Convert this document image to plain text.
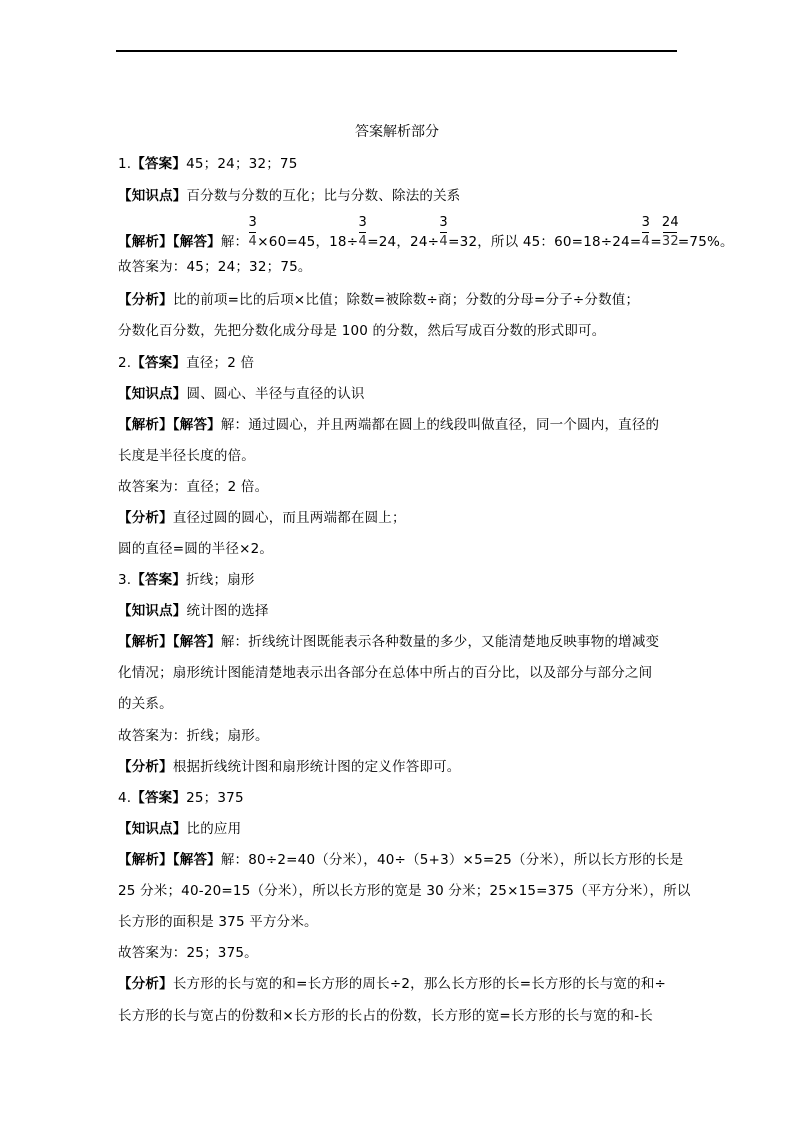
答案解析部分
1.【答案】45；24；32；75
【知识点】百分数与分数的互化；比与分数、除法的关系
【解析】【解答】解： $\frac{3}{4} \times 60=45$，$18\div \frac{3}{4} =24$，$24\div \frac{3}{4} =32$，所以 45：$60=18\div 24= \frac{3}{4} = \frac{24}{32} =75\%$。
故答案为：45；24；32；75。
【分析】比的前项=比的后项×比值；除数=被除数÷商；分数的分母=分子÷分数值；
分数化百分数，先把分数化成分母是 100 的分数，然后写成百分数的形式即可。
2.【答案】直径；2 倍
【知识点】圆、圆心、半径与直径的认识
【解析】【解答】解：通过圆心，并且两端都在圆上的线段叫做直径，同一个圆内，直径的
长度是半径长度的倍。
故答案为：直径；2 倍。
【分析】直径过圆的圆心，而且两端都在圆上；
圆的直径=圆的半径×2。
3.【答案】折线；扇形
【知识点】统计图的选择
【解析】【解答】解：折线统计图既能表示各种数量的多少，又能清楚地反映事物的增减变
化情况；扇形统计图能清楚地表示出各部分在总体中所占的百分比，以及部分与部分之间
的关系。
故答案为：折线；扇形。
【分析】根据折线统计图和扇形统计图的定义作答即可。
4.【答案】25；375
【知识点】比的应用
【解析】【解答】解：80÷2=40（分米），40÷（5+3）×5=25（分米），所以长方形的长是
25 分米；40-20=15（分米），所以长方形的宽是 30 分米；25×15=375（平方分米），所以
长方形的面积是 375 平方分米。
故答案为：25；375。
【分析】长方形的长与宽的和=长方形的周长÷2，那么长方形的长=长方形的长与宽的和÷
长方形的长与宽占的份数和×长方形的长占的份数，长方形的宽=长方形的长与宽的和-长
